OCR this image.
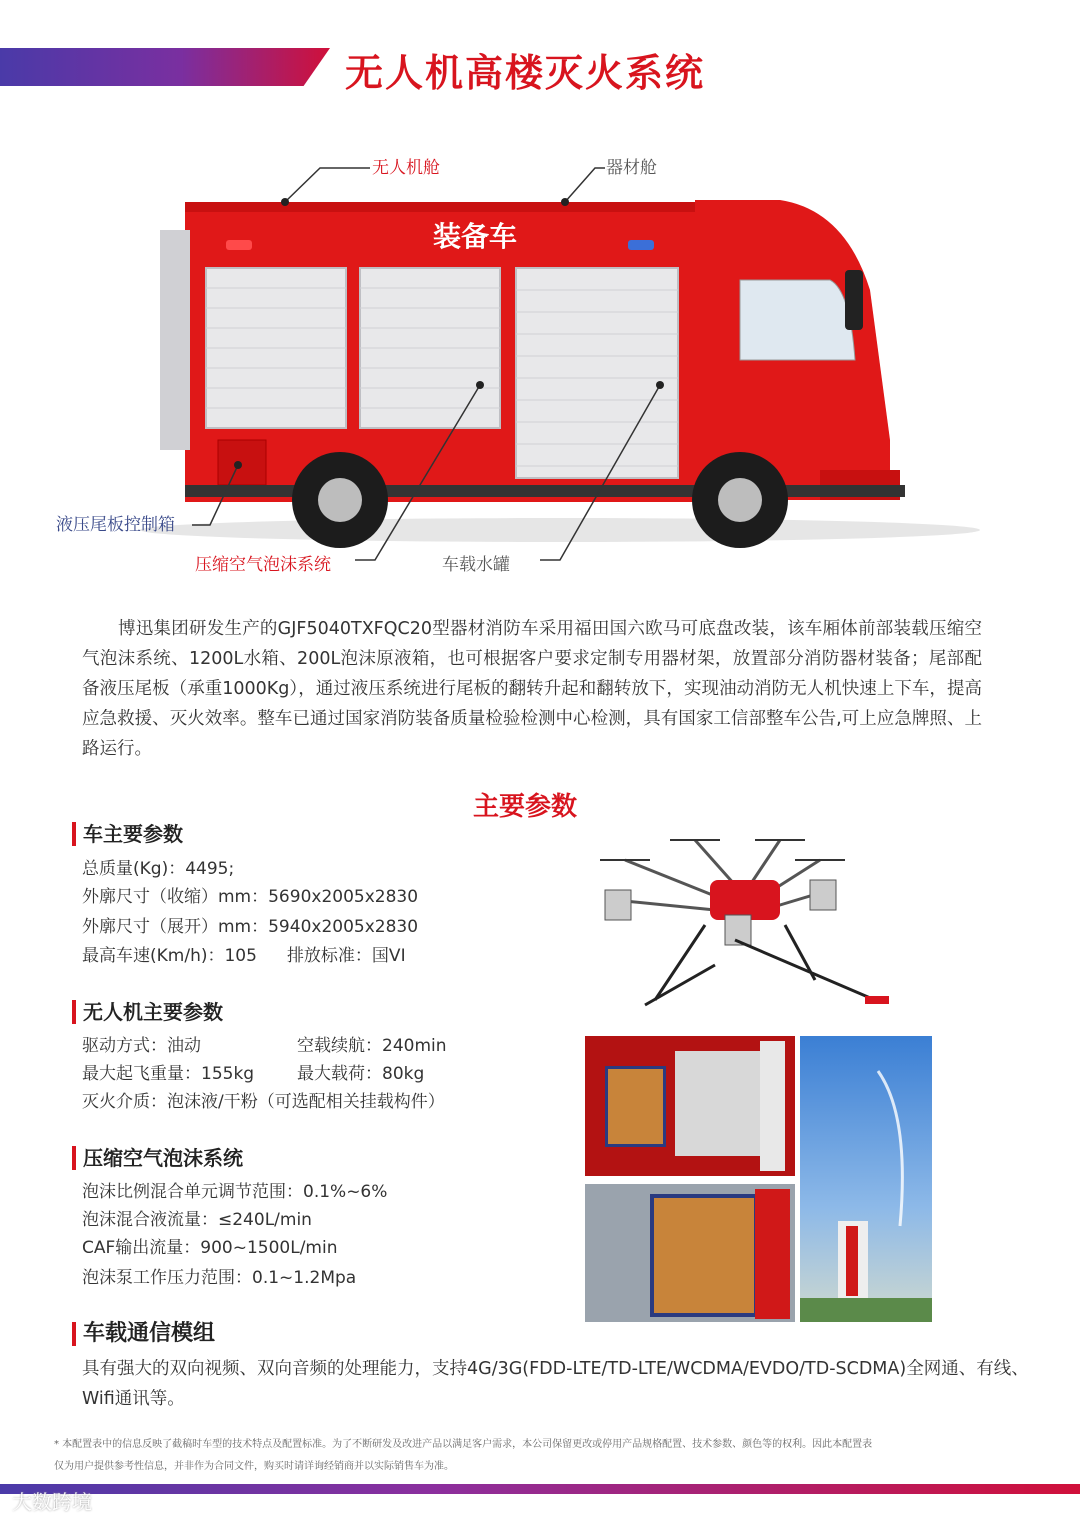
无人机高楼灭火系统
装备车
无人机舱	器材舱
液压尾板控制箱
压缩空气泡沫系统	车载水罐
博迅集团研发生产的GJF5040TXFQC20型器材消防车采用福田国六欧马可底盘改装，该车厢体前部装载压缩空气泡沫系统、1200L水箱、200L泡沫原液箱，也可根据客户要求定制专用器材架，放置部分消防器材装备；尾部配备液压尾板（承重1000Kg），通过液压系统进行尾板的翻转升起和翻转放下，实现油动消防无人机快速上下车，提高应急救援、灭火效率。整车已通过国家消防装备质量检验检测中心检测，具有国家工信部整车公告,可上应急牌照、上路运行。
主要参数
车主要参数
总质量(Kg)：4495;
外廓尺寸（收缩）mm：5690x2005x2830
外廓尺寸（展开）mm：5940x2005x2830
最高车速(Km/h)：105 排放标准：国VI
无人机主要参数
驱动方式：油动	空载续航：240min
最大起飞重量：155kg	最大载荷：80kg
灭火介质：泡沫液/干粉（可选配相关挂载构件）
压缩空气泡沫系统
泡沫比例混合单元调节范围：0.1%~6%
泡沫混合液流量：≤240L/min
CAF输出流量：900~1500L/min
泡沫泵工作压力范围：0.1~1.2Mpa
车载通信模组
具有强大的双向视频、双向音频的处理能力，支持4G/3G(FDD-LTE/TD-LTE/WCDMA/EVDO/TD-SCDMA)全网通、有线、Wifi通讯等。
* 本配置表中的信息反映了截稿时车型的技术特点及配置标准。为了不断研发及改进产品以满足客户需求，本公司保留更改或停用产品规格配置、技术参数、颜色等的权利。因此本配置表
仅为用户提供参考性信息，并非作为合同文件，购买时请详询经销商并以实际销售车为准。
大数跨境
